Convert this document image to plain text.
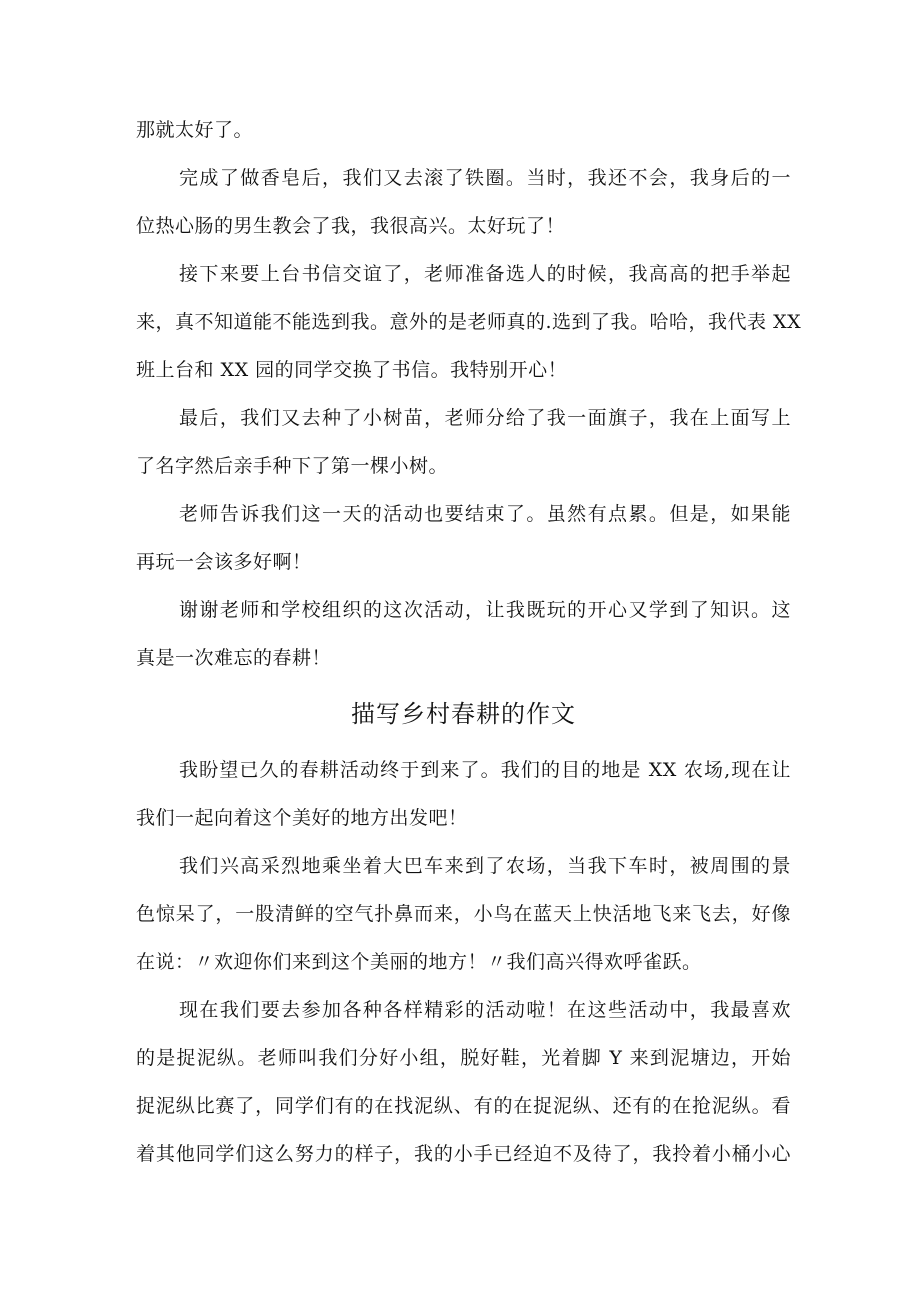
那就太好了。
完成了做香皂后，我们又去滚了铁圈。当时，我还不会，我身后的一
位热心肠的男生教会了我，我很高兴。太好玩了！
接下来要上台书信交谊了，老师准备选人的时候，我高高的把手举起
来，真不知道能不能选到我。意外的是老师真的.选到了我。哈哈，我代表 XX
班上台和 XX 园的同学交换了书信。我特别开心！
最后，我们又去种了小树苗，老师分给了我一面旗子，我在上面写上
了名字然后亲手种下了第一棵小树。
老师告诉我们这一天的活动也要结束了。虽然有点累。但是，如果能
再玩一会该多好啊！
谢谢老师和学校组织的这次活动，让我既玩的开心又学到了知识。这
真是一次难忘的春耕！
描写乡村春耕的作文
我盼望已久的春耕活动终于到来了。我们的目的地是 XX 农场,现在让
我们一起向着这个美好的地方出发吧！
我们兴高采烈地乘坐着大巴车来到了农场，当我下车时，被周围的景
色惊呆了，一股清鲜的空气扑鼻而来，小鸟在蓝天上快活地飞来飞去，好像
在说：〃欢迎你们来到这个美丽的地方！〃我们高兴得欢呼雀跃。
现在我们要去参加各种各样精彩的活动啦！在这些活动中，我最喜欢
的是捉泥纵。老师叫我们分好小组，脱好鞋，光着脚 Y 来到泥塘边，开始
捉泥纵比赛了，同学们有的在找泥纵、有的在捉泥纵、还有的在抢泥纵。看
着其他同学们这么努力的样子，我的小手已经迫不及待了，我拎着小桶小心
